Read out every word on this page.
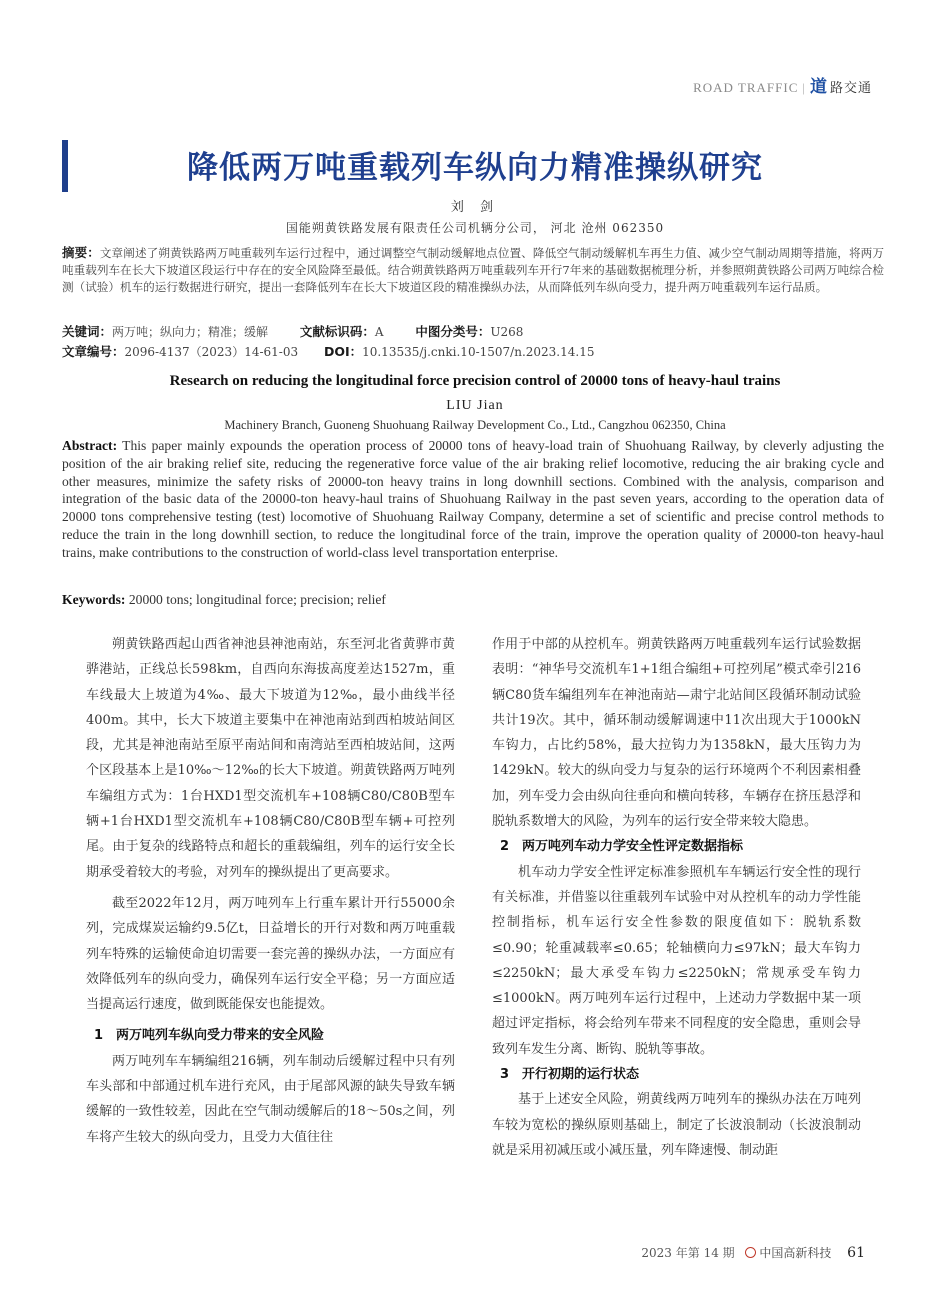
ROAD TRAFFIC | 道 路交通
降低两万吨重载列车纵向力精准操纵研究
刘 剑
国能朔黄铁路发展有限责任公司机辆分公司， 河北 沧州 062350
摘要：文章阐述了朔黄铁路两万吨重载列车运行过程中，通过调整空气制动缓解地点位置、降低空气制动缓解机车再生力值、减少空气制动周期等措施，将两万吨重载列车在长大下坡道区段运行中存在的安全风险降至最低。结合朔黄铁路两万吨重载列车开行7年来的基础数据梳理分析，并参照朔黄铁路公司两万吨综合检测（试验）机车的运行数据进行研究，提出一套降低列车在长大下坡道区段的精准操纵办法，从而降低列车纵向受力，提升两万吨重载列车运行品质。
关键词：两万吨；纵向力；精准；缓解	文献标识码：A	中图分类号：U268
文章编号：2096-4137（2023）14-61-03 DOI：10.13535/j.cnki.10-1507/n.2023.14.15
Research on reducing the longitudinal force precision control of 20000 tons of heavy-haul trains
LIU Jian
Machinery Branch, Guoneng Shuohuang Railway Development Co., Ltd., Cangzhou 062350, China
Abstract: This paper mainly expounds the operation process of 20000 tons of heavy-load train of Shuohuang Railway, by cleverly adjusting the position of the air braking relief site, reducing the regenerative force value of the air braking relief locomotive, reducing the air braking cycle and other measures, minimize the safety risks of 20000-ton heavy trains in long downhill sections. Combined with the analysis, comparison and integration of the basic data of the 20000-ton heavy-haul trains of Shuohuang Railway in the past seven years, according to the operation data of 20000 tons comprehensive testing (test) locomotive of Shuohuang Railway Company, determine a set of scientific and precise control methods to reduce the train in the long downhill section, to reduce the longitudinal force of the train, improve the operation quality of 20000-ton heavy-haul trains, make contributions to the construction of world-class level transportation enterprise.
Keywords: 20000 tons; longitudinal force; precision; relief

朔黄铁路西起山西省神池县神池南站，东至河北省黄骅市黄骅港站，正线总长598km，自西向东海拔高度差达1527m，重车线最大上坡道为4‰、最大下坡道为12‰，最小曲线半径400m。其中，长大下坡道主要集中在神池南站到西柏坡站间区段，尤其是神池南站至原平南站间和南湾站至西柏坡站间，这两个区段基本上是10‰～12‰的长大下坡道。朔黄铁路两万吨列车编组方式为：1台HXD1型交流机车+108辆C80/C80B型车辆+1台HXD1型交流机车+108辆C80/C80B型车辆+可控列尾。由于复杂的线路特点和超长的重载编组，列车的运行安全长期承受着较大的考验，对列车的操纵提出了更高要求。

截至2022年12月，两万吨列车上行重车累计开行55000余列，完成煤炭运输约9.5亿t，日益增长的开行对数和两万吨重载列车特殊的运输使命迫切需要一套完善的操纵办法，一方面应有效降低列车的纵向受力，确保列车运行安全平稳；另一方面应适当提高运行速度，做到既能保安也能提效。

1　两万吨列车纵向受力带来的安全风险

两万吨列车车辆编组216辆，列车制动后缓解过程中只有列车头部和中部通过机车进行充风，由于尾部风源的缺失导致车辆缓解的一致性较差，因此在空气制动缓解后的18～50s之间，列车将产生较大的纵向受力，且受力大值往往

作用于中部的从控机车。朔黄铁路两万吨重载列车运行试验数据表明：“神华号交流机车1+1组合编组+可控列尾”模式牵引216辆C80货车编组列车在神池南站—肃宁北站间区段循环制动试验共计19次。其中，循环制动缓解调速中11次出现大于1000kN车钩力，占比约58%，最大拉钩力为1358kN，最大压钩力为1429kN。较大的纵向受力与复杂的运行环境两个不利因素相叠加，列车受力会由纵向往垂向和横向转移，车辆存在挤压悬浮和脱轨系数增大的风险，为列车的运行安全带来较大隐患。

2　两万吨列车动力学安全性评定数据指标

机车动力学安全性评定标准参照机车车辆运行安全性的现行有关标准，并借鉴以往重载列车试验中对从控机车的动力学性能控制指标，机车运行安全性参数的限度值如下：脱轨系数≤0.90；轮重减载率≤0.65；轮轴横向力≤97kN；最大车钩力≤2250kN；最大承受车钩力≤2250kN；常规承受车钩力≤1000kN。两万吨列车运行过程中，上述动力学数据中某一项超过评定指标，将会给列车带来不同程度的安全隐患，重则会导致列车发生分离、断钩、脱轨等事故。

3　开行初期的运行状态

基于上述安全风险，朔黄线两万吨列车的操纵办法在万吨列车较为宽松的操纵原则基础上，制定了长波浪制动（长波浪制动就是采用初减压或小减压量，列车降速慢、制动距

2023 年第 14 期 中国高新科技 61
